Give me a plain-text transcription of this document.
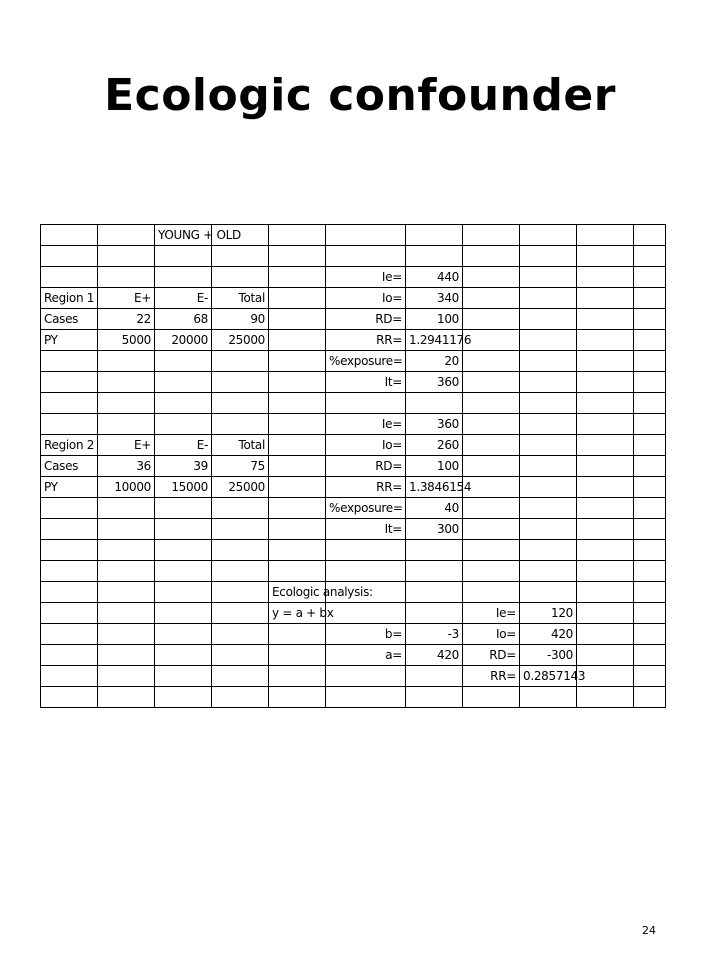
Ecologic confounder
		YOUNG + OLD								

					Ie=	440				
Region 1	E+	E-	Total		Io=	340				
Cases	22	68	90		RD=	100				
PY	5000	20000	25000		RR=	1.2941176				
					%exposure=	20				
					It=	360				

					Ie=	360				
Region 2	E+	E-	Total		Io=	260				
Cases	36	39	75		RD=	100				
PY	10000	15000	25000		RR=	1.3846154				
					%exposure=	40				
					It=	300				

				Ecologic analysis:						
				y = a + bx			Ie=	120		
					b=	-3	Io=	420		
					a=	420	RD=	-300		
							RR=	0.2857143		

24
